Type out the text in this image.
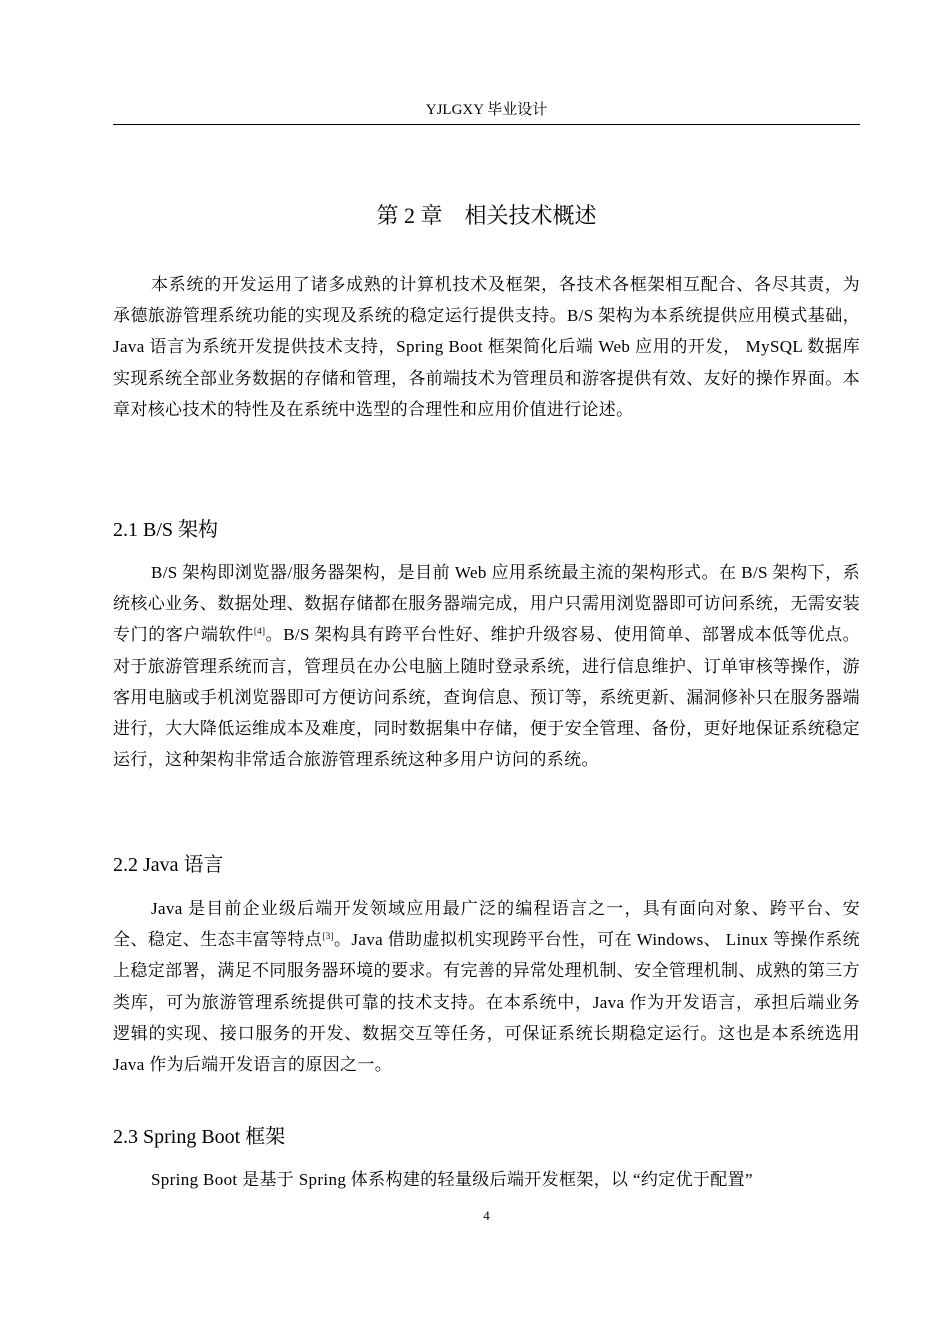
YJLGXY 毕业设计
第 2 章 相关技术概述

本系统的开发运用了诸多成熟的计算机技术及框架，各技术各框架相互配合、各尽其责，为承德旅游管理系统功能的实现及系统的稳定运行提供支持。B/S 架构为本系统提供应用模式基础，Java 语言为系统开发提供技术支持，Spring Boot 框架简化后端 Web 应用的开发， MySQL 数据库实现系统全部业务数据的存储和管理，各前端技术为管理员和游客提供有效、友好的操作界面。本章对核心技术的特性及在系统中选型的合理性和应用价值进行论述。

2.1 B/S 架构

B/S 架构即浏览器/服务器架构，是目前 Web 应用系统最主流的架构形式。在 B/S 架构下，系统核心业务、数据处理、数据存储都在服务器端完成，用户只需用浏览器即可访问系统，无需安装专门的客户端软件[4]。B/S 架构具有跨平台性好、维护升级容易、使用简单、部署成本低等优点。对于旅游管理系统而言，管理员在办公电脑上随时登录系统，进行信息维护、订单审核等操作，游客用电脑或手机浏览器即可方便访问系统，查询信息、预订等，系统更新、漏洞修补只在服务器端进行，大大降低运维成本及难度，同时数据集中存储，便于安全管理、备份，更好地保证系统稳定运行，这种架构非常适合旅游管理系统这种多用户访问的系统。

2.2 Java 语言

Java 是目前企业级后端开发领域应用最广泛的编程语言之一，具有面向对象、跨平台、安全、稳定、生态丰富等特点[3]。Java 借助虚拟机实现跨平台性，可在 Windows、 Linux 等操作系统上稳定部署，满足不同服务器环境的要求。有完善的异常处理机制、安全管理机制、成熟的第三方类库，可为旅游管理系统提供可靠的技术支持。在本系统中，Java 作为开发语言，承担后端业务逻辑的实现、接口服务的开发、数据交互等任务，可保证系统长期稳定运行。这也是本系统选用 Java 作为后端开发语言的原因之一。

2.3 Spring Boot 框架

Spring Boot 是基于 Spring 体系构建的轻量级后端开发框架，以 “约定优于配置”

4
